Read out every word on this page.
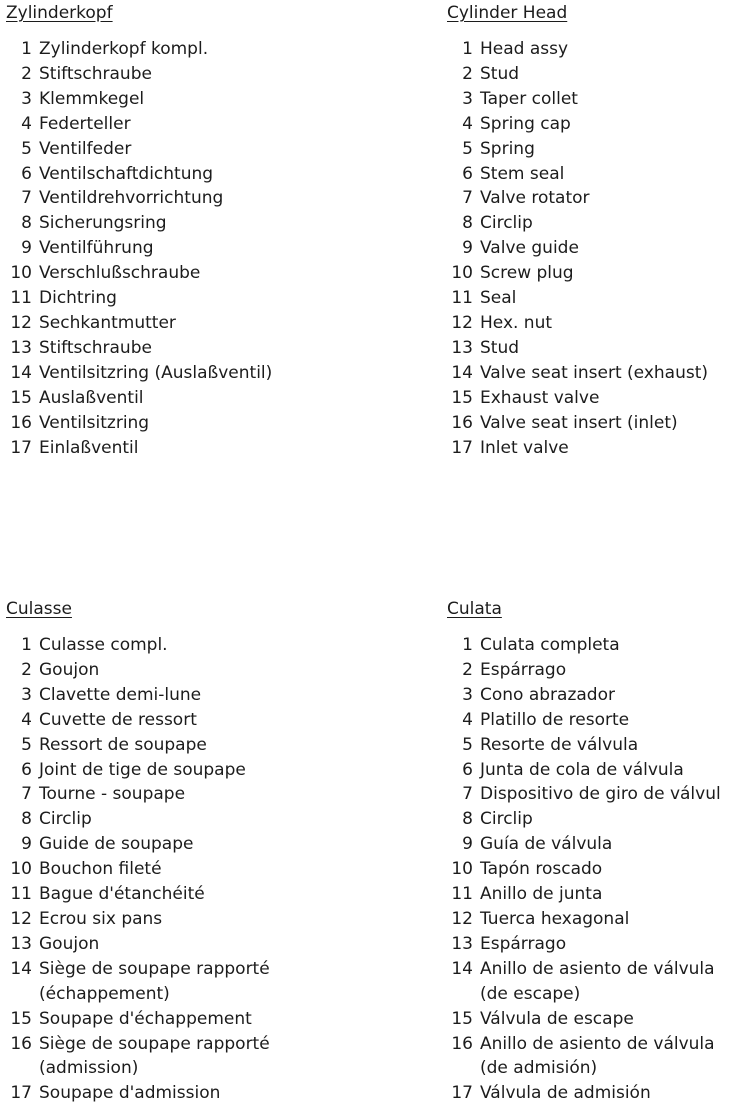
Zylinderkopf
1 Zylinderkopf kompl.
2 Stiftschraube
3 Klemmkegel
4 Federteller
5 Ventilfeder
6 Ventilschaftdichtung
7 Ventildrehvorrichtung
8 Sicherungsring
9 Ventilführung
10 Verschlußschraube
11 Dichtring
12 Sechkantmutter
13 Stiftschraube
14 Ventilsitzring (Auslaßventil)
15 Auslaßventil
16 Ventilsitzring
17 Einlaßventil
Cylinder Head
1 Head assy
2 Stud
3 Taper collet
4 Spring cap
5 Spring
6 Stem seal
7 Valve rotator
8 Circlip
9 Valve guide
10 Screw plug
11 Seal
12 Hex. nut
13 Stud
14 Valve seat insert (exhaust)
15 Exhaust valve
16 Valve seat insert (inlet)
17 Inlet valve
Culasse
1 Culasse compl.
2 Goujon
3 Clavette demi-lune
4 Cuvette de ressort
5 Ressort de soupape
6 Joint de tige de soupape
7 Tourne - soupape
8 Circlip
9 Guide de soupape
10 Bouchon fileté
11 Bague d'étanchéité
12 Ecrou six pans
13 Goujon
14 Siège de soupape rapporté
(échappement)
15 Soupape d'échappement
16 Siège de soupape rapporté
(admission)
17 Soupape d'admission
Culata
1 Culata completa
2 Espárrago
3 Cono abrazador
4 Platillo de resorte
5 Resorte de válvula
6 Junta de cola de válvula
7 Dispositivo de giro de válvul
8 Circlip
9 Guía de válvula
10 Tapón roscado
11 Anillo de junta
12 Tuerca hexagonal
13 Espárrago
14 Anillo de asiento de válvula
(de escape)
15 Válvula de escape
16 Anillo de asiento de válvula
(de admisión)
17 Válvula de admisión
